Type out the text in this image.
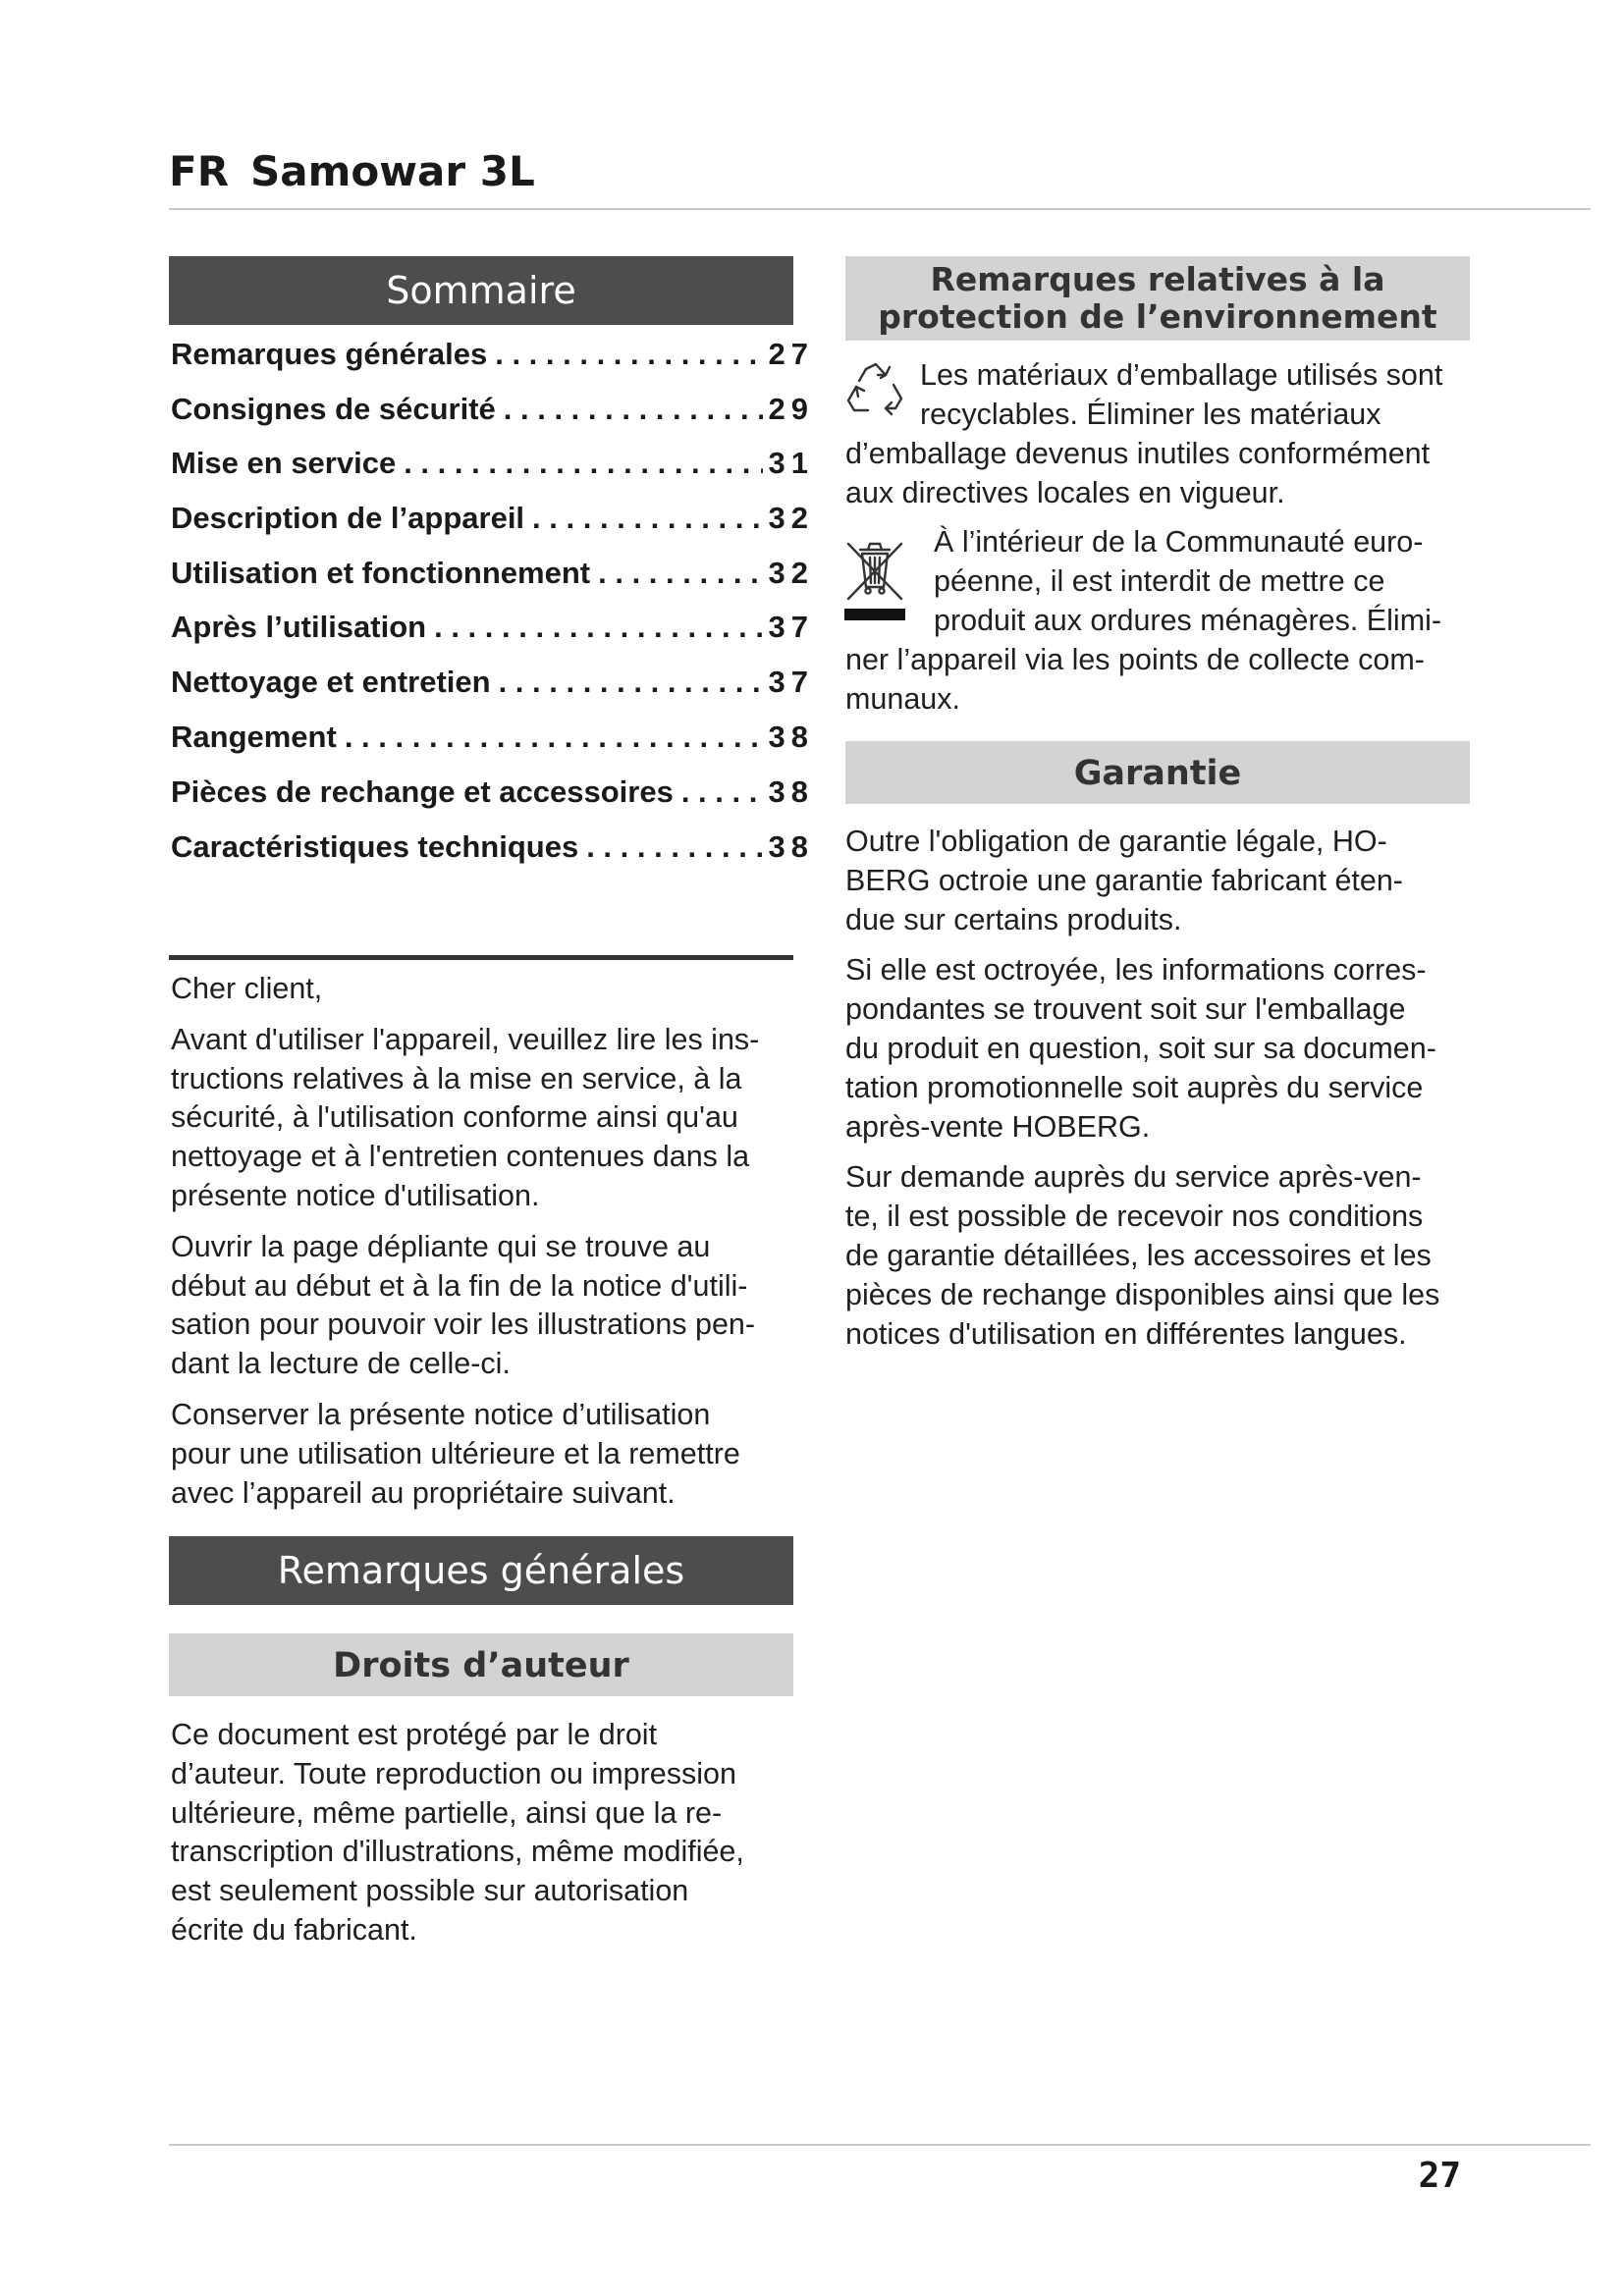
FR Samowar 3L
Sommaire
Remarques générales . . .	27
Consignes de sécurité . . .	29
Mise en service . . .	31
Description de l’appareil . . .	32
Utilisation et fonctionnement . . .	32
Après l’utilisation . . .	37
Nettoyage et entretien . . .	37
Rangement . . .	38
Pièces de rechange et accessoires . . .	38
Caractéristiques techniques . . .	38

Cher client,

Avant d'utiliser l'appareil, veuillez lire les ins-
tructions relatives à la mise en service, à la
sécurité, à l'utilisation conforme ainsi qu'au
nettoyage et à l'entretien contenues dans la
présente notice d'utilisation.

Ouvrir la page dépliante qui se trouve au
début au début et à la fin de la notice d'utili-
sation pour pouvoir voir les illustrations pen-
dant la lecture de celle-ci.

Conserver la présente notice d’utilisation
pour une utilisation ultérieure et la remettre
avec l’appareil au propriétaire suivant.

Remarques générales
Droits d’auteur
Ce document est protégé par le droit
d’auteur. Toute reproduction ou impression
ultérieure, même partielle, ainsi que la re-
transcription d'illustrations, même modifiée,
est seulement possible sur autorisation
écrite du fabricant.
Remarques relatives à la
protection de l’environnement
Les matériaux d’emballage utilisés sont
recyclables. Éliminer les matériaux
d’emballage devenus inutiles conformément
aux directives locales en vigueur.
À l’intérieur de la Communauté euro-
péenne, il est interdit de mettre ce
produit aux ordures ménagères. Élimi-
ner l’appareil via les points de collecte com-
munaux.
Garantie

Outre l'obligation de garantie légale, HO-
BERG octroie une garantie fabricant éten-
due sur certains produits.

Si elle est octroyée, les informations corres-
pondantes se trouvent soit sur l'emballage
du produit en question, soit sur sa documen-
tation promotionnelle soit auprès du service
après-vente HOBERG.

Sur demande auprès du service après-ven-
te, il est possible de recevoir nos conditions
de garantie détaillées, les accessoires et les
pièces de rechange disponibles ainsi que les
notices d'utilisation en différentes langues.

27
